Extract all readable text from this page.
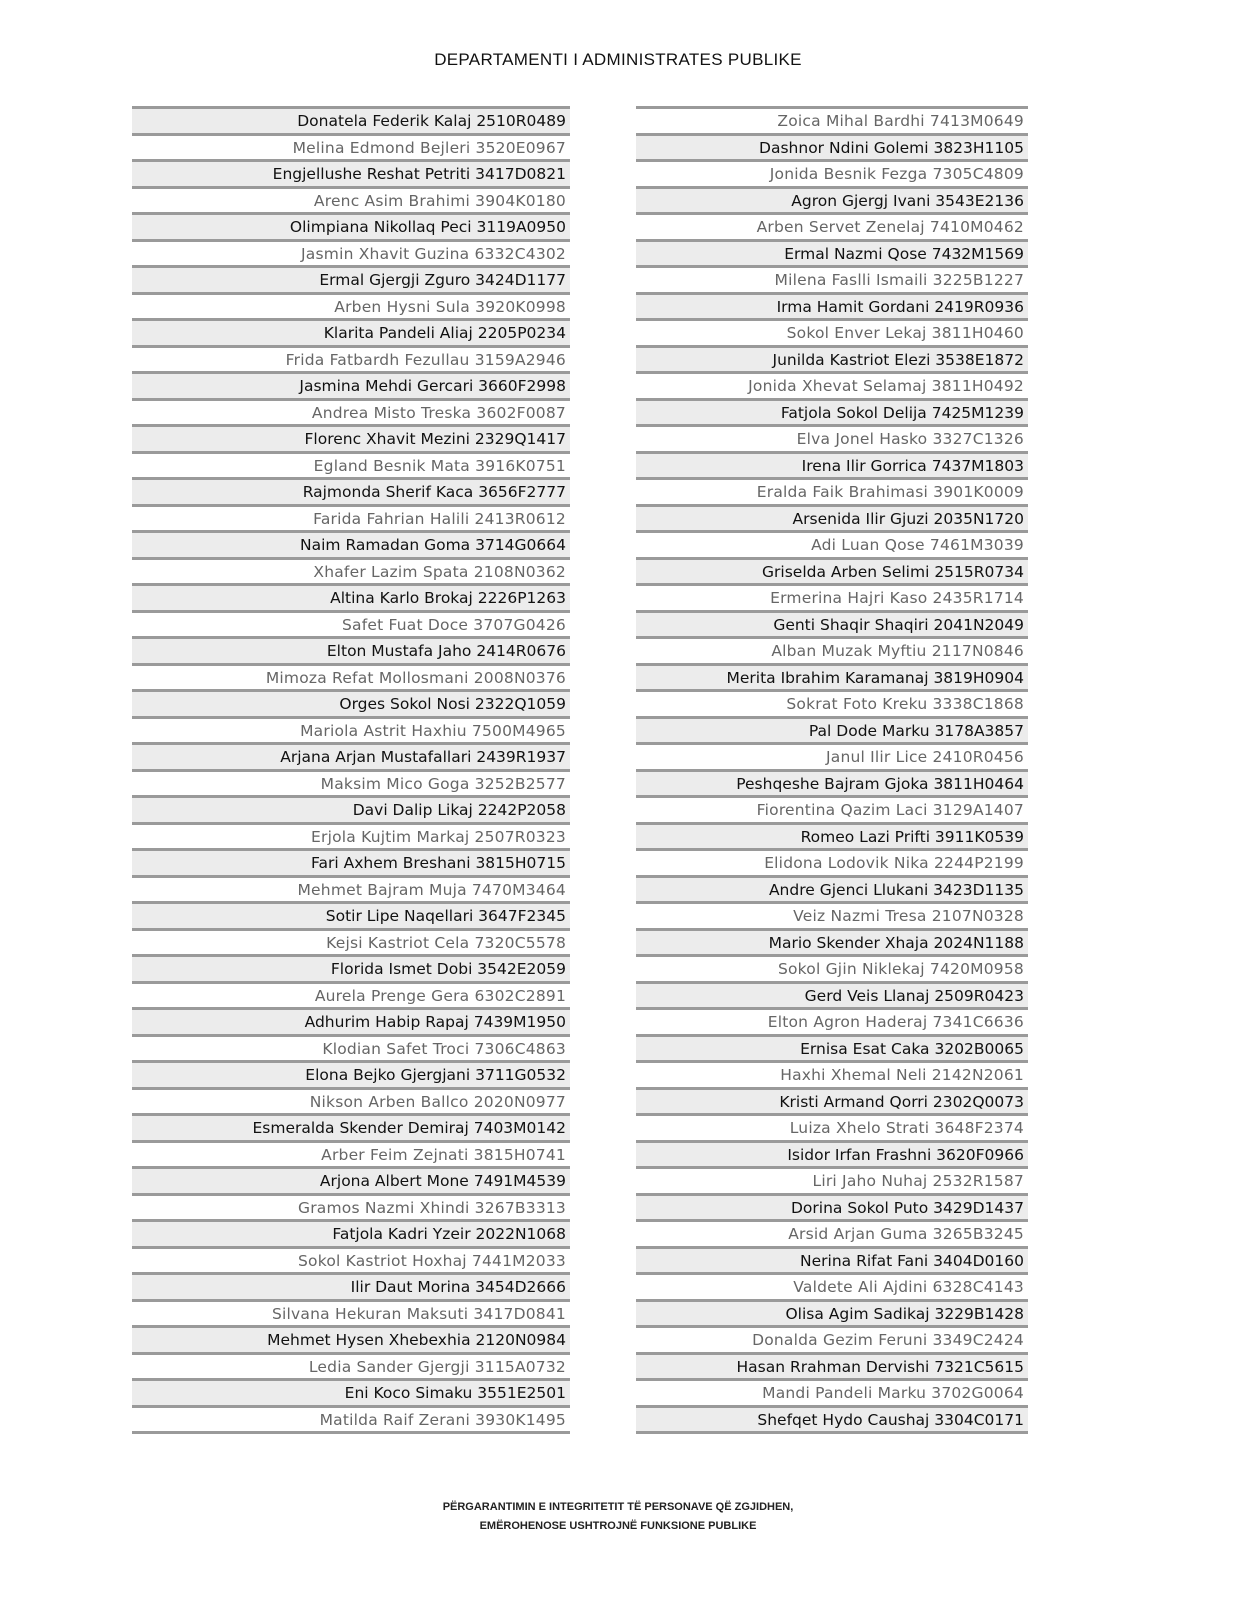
DEPARTAMENTI I ADMINISTRATES PUBLIKE
Donatela Federik Kalaj 2510R0489
Melina Edmond Bejleri 3520E0967
Engjellushe Reshat Petriti 3417D0821
Arenc Asim Brahimi 3904K0180
Olimpiana Nikollaq Peci 3119A0950
Jasmin Xhavit Guzina 6332C4302
Ermal Gjergji Zguro 3424D1177
Arben Hysni Sula 3920K0998
Klarita Pandeli Aliaj 2205P0234
Frida Fatbardh Fezullau 3159A2946
Jasmina Mehdi Gercari 3660F2998
Andrea Misto Treska 3602F0087
Florenc Xhavit Mezini 2329Q1417
Egland Besnik Mata 3916K0751
Rajmonda Sherif Kaca 3656F2777
Farida Fahrian Halili 2413R0612
Naim Ramadan Goma 3714G0664
Xhafer Lazim Spata 2108N0362
Altina Karlo Brokaj 2226P1263
Safet Fuat Doce 3707G0426
Elton Mustafa Jaho 2414R0676
Mimoza Refat Mollosmani 2008N0376
Orges Sokol Nosi 2322Q1059
Mariola Astrit Haxhiu 7500M4965
Arjana Arjan Mustafallari 2439R1937
Maksim Mico Goga 3252B2577
Davi Dalip Likaj 2242P2058
Erjola Kujtim Markaj 2507R0323
Fari Axhem Breshani 3815H0715
Mehmet Bajram Muja 7470M3464
Sotir Lipe Naqellari 3647F2345
Kejsi Kastriot Cela 7320C5578
Florida Ismet Dobi 3542E2059
Aurela Prenge Gera 6302C2891
Adhurim Habip Rapaj 7439M1950
Klodian Safet Troci 7306C4863
Elona Bejko Gjergjani 3711G0532
Nikson Arben Ballco 2020N0977
Esmeralda Skender Demiraj 7403M0142
Arber Feim Zejnati 3815H0741
Arjona Albert Mone 7491M4539
Gramos Nazmi Xhindi 3267B3313
Fatjola Kadri Yzeir 2022N1068
Sokol Kastriot Hoxhaj 7441M2033
Ilir Daut Morina 3454D2666
Silvana Hekuran Maksuti 3417D0841
Mehmet Hysen Xhebexhia 2120N0984
Ledia Sander Gjergji 3115A0732
Eni Koco Simaku 3551E2501
Matilda Raif Zerani 3930K1495
Zoica Mihal Bardhi 7413M0649
Dashnor Ndini Golemi 3823H1105
Jonida Besnik Fezga 7305C4809
Agron Gjergj Ivani 3543E2136
Arben Servet Zenelaj 7410M0462
Ermal Nazmi Qose 7432M1569
Milena Faslli Ismaili 3225B1227
Irma Hamit Gordani 2419R0936
Sokol Enver Lekaj 3811H0460
Junilda Kastriot Elezi 3538E1872
Jonida Xhevat Selamaj 3811H0492
Fatjola Sokol Delija 7425M1239
Elva Jonel Hasko 3327C1326
Irena Ilir Gorrica 7437M1803
Eralda Faik Brahimasi 3901K0009
Arsenida Ilir Gjuzi 2035N1720
Adi Luan Qose 7461M3039
Griselda Arben Selimi 2515R0734
Ermerina Hajri Kaso 2435R1714
Genti Shaqir Shaqiri 2041N2049
Alban Muzak Myftiu 2117N0846
Merita Ibrahim Karamanaj 3819H0904
Sokrat Foto Kreku 3338C1868
Pal Dode Marku 3178A3857
Janul Ilir Lice 2410R0456
Peshqeshe Bajram Gjoka 3811H0464
Fiorentina Qazim Laci 3129A1407
Romeo Lazi Prifti 3911K0539
Elidona Lodovik Nika 2244P2199
Andre Gjenci Llukani 3423D1135
Veiz Nazmi Tresa 2107N0328
Mario Skender Xhaja 2024N1188
Sokol Gjin Niklekaj 7420M0958
Gerd Veis Llanaj 2509R0423
Elton Agron Haderaj 7341C6636
Ernisa Esat Caka 3202B0065
Haxhi Xhemal Neli 2142N2061
Kristi Armand Qorri 2302Q0073
Luiza Xhelo Strati 3648F2374
Isidor Irfan Frashni 3620F0966
Liri Jaho Nuhaj 2532R1587
Dorina Sokol Puto 3429D1437
Arsid Arjan Guma 3265B3245
Nerina Rifat Fani 3404D0160
Valdete Ali Ajdini 6328C4143
Olisa Agim Sadikaj 3229B1428
Donalda Gezim Feruni 3349C2424
Hasan Rrahman Dervishi 7321C5615
Mandi Pandeli Marku 3702G0064
Shefqet Hydo Caushaj 3304C0171
PËRGARANTIMIN E INTEGRITETIT TË PERSONAVE QË ZGJIDHEN,
EMËROHENOSE USHTROJNË FUNKSIONE PUBLIKE
